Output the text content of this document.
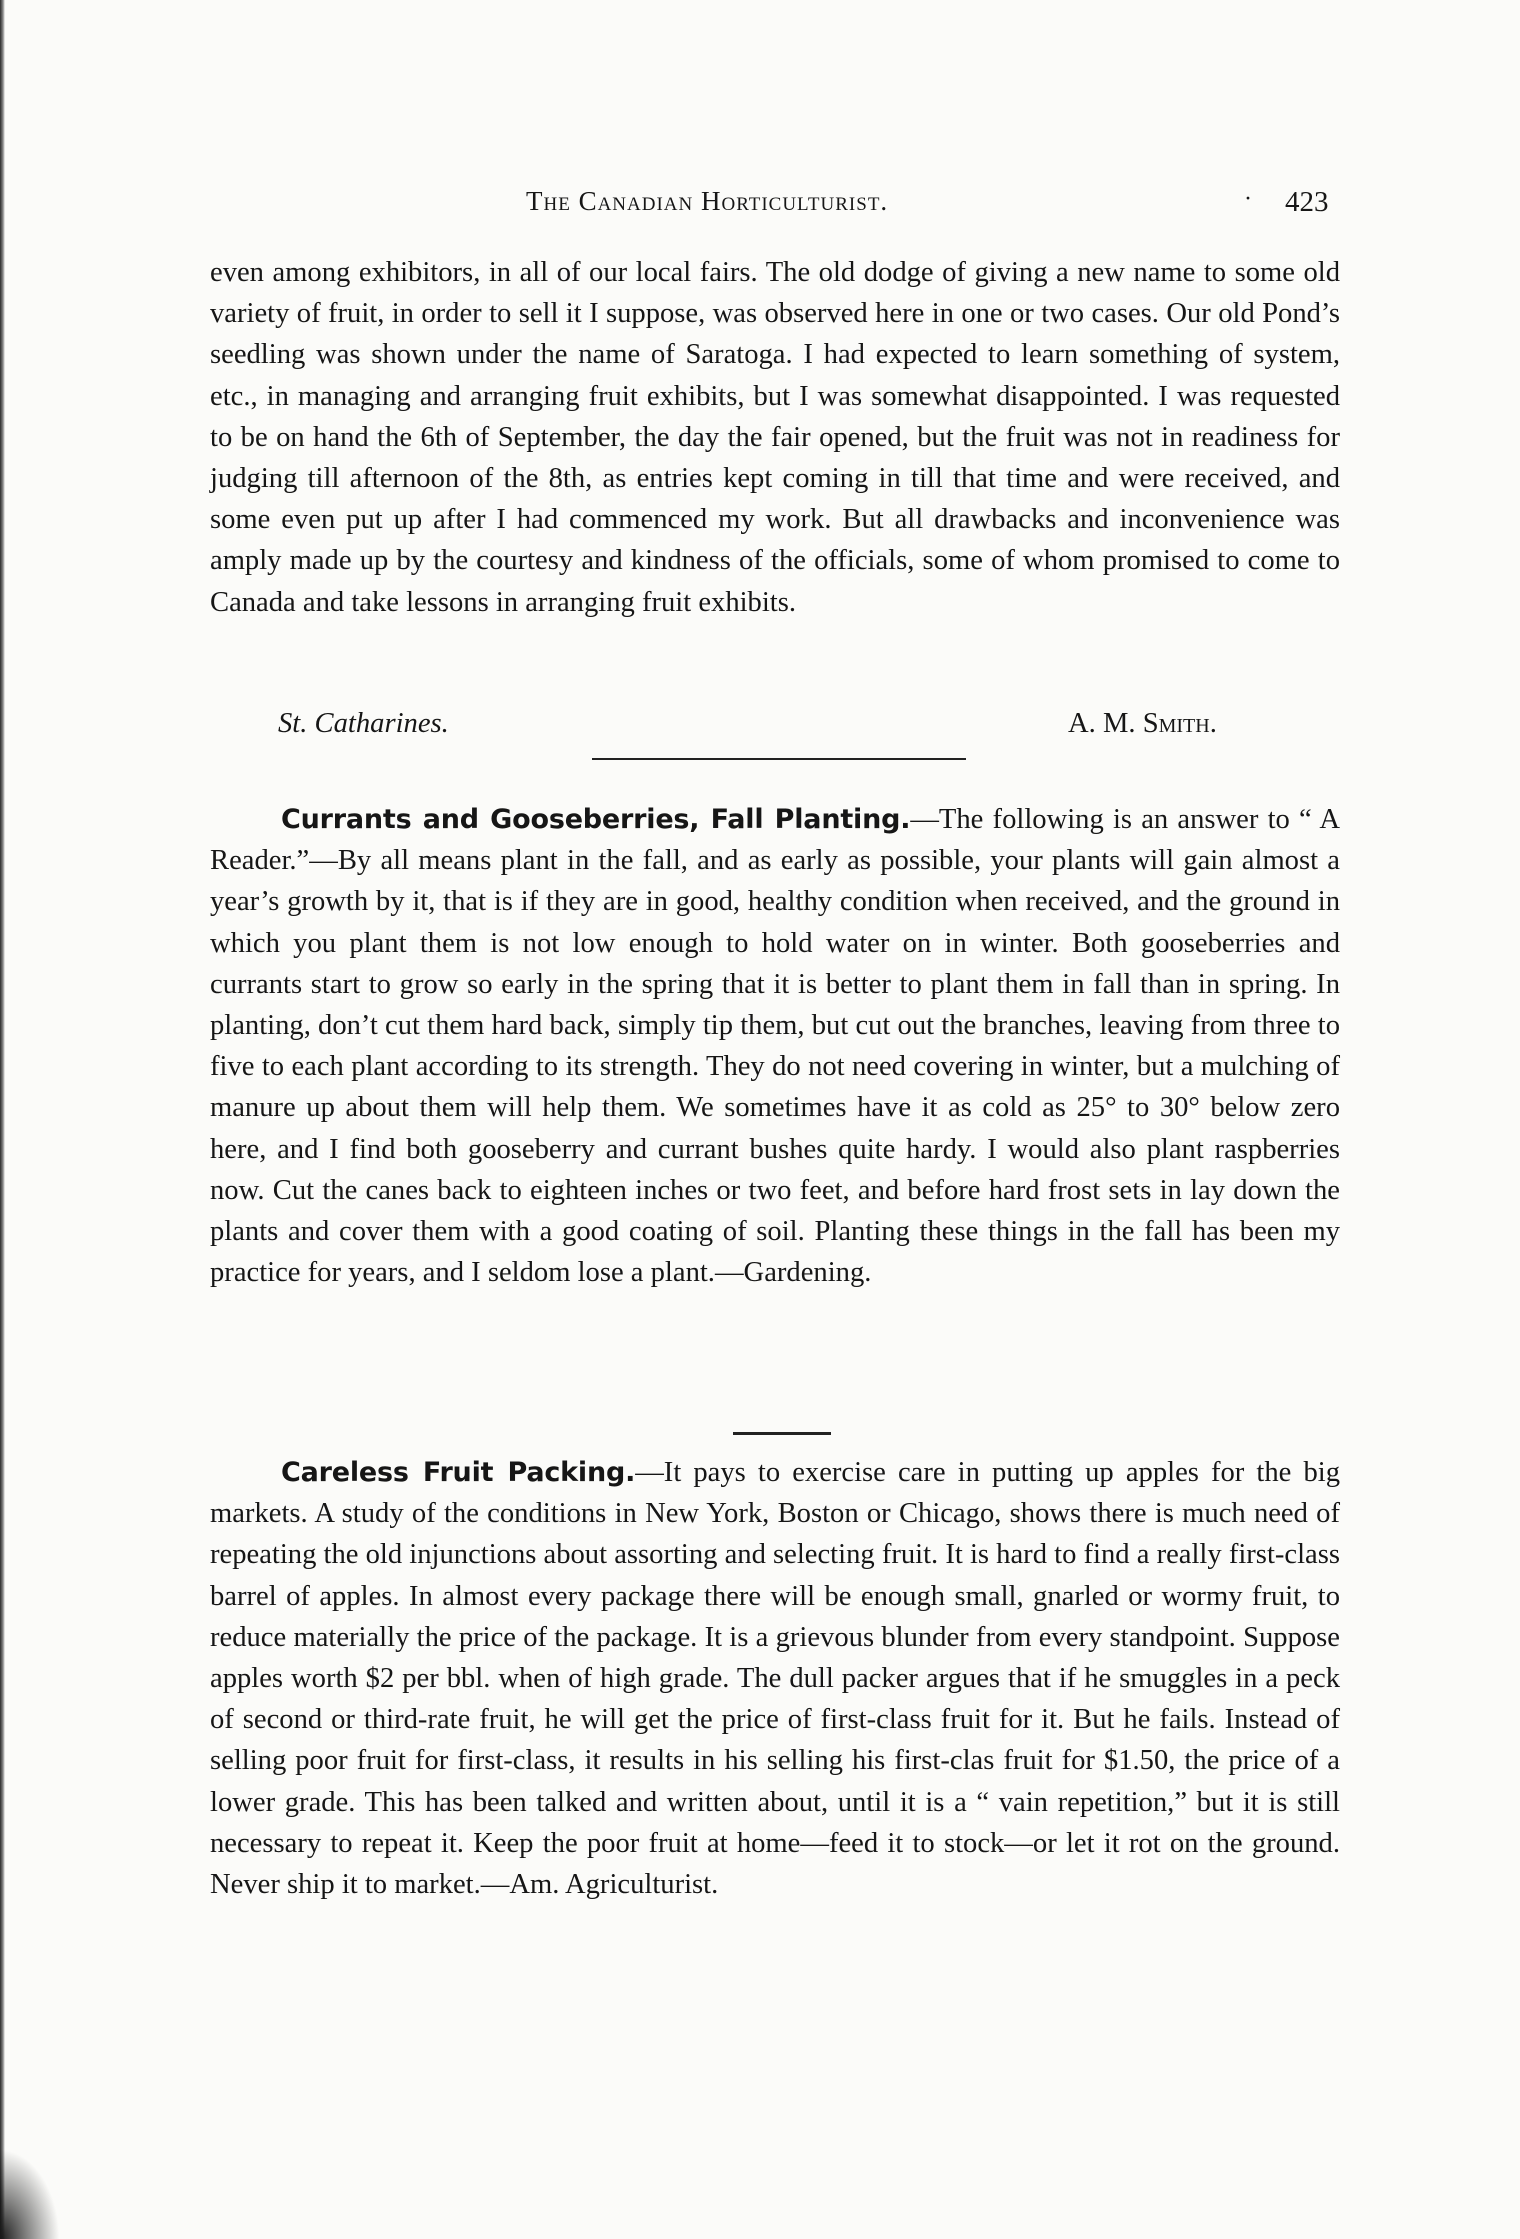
The Canadian Horticulturist.	· 423

even among exhibitors, in all of our local fairs. The old dodge of giving a new name to some old variety of fruit, in order to sell it I suppose, was observed here in one or two cases. Our old Pond’s seedling was shown under the name of Saratoga. I had expected to learn something of system, etc., in managing and arranging fruit exhibits, but I was somewhat disappointed. I was requested to be on hand the 6th of September, the day the fair opened, but the fruit was not in readiness for judging till afternoon of the 8th, as entries kept coming in till that time and were received, and some even put up after I had commenced my work. But all drawbacks and inconvenience was amply made up by the courtesy and kindness of the officials, some of whom promised to come to Canada and take lessons in arranging fruit exhibits.

St. Catharines.	A. M. Smith.

Currants and Gooseberries, Fall Planting.—The following is an answer to “ A Reader.”—By all means plant in the fall, and as early as possible, your plants will gain almost a year’s growth by it, that is if they are in good, healthy condition when received, and the ground in which you plant them is not low enough to hold water on in winter. Both gooseberries and currants start to grow so early in the spring that it is better to plant them in fall than in spring. In planting, don’t cut them hard back, simply tip them, but cut out the branches, leaving from three to five to each plant according to its strength. They do not need covering in winter, but a mulching of manure up about them will help them. We sometimes have it as cold as 25° to 30° below zero here, and I find both gooseberry and currant bushes quite hardy. I would also plant raspberries now. Cut the canes back to eighteen inches or two feet, and before hard frost sets in lay down the plants and cover them with a good coating of soil. Planting these things in the fall has been my practice for years, and I seldom lose a plant.—Gardening.

Careless Fruit Packing.—It pays to exercise care in putting up apples for the big markets. A study of the conditions in New York, Boston or Chicago, shows there is much need of repeating the old injunctions about assorting and selecting fruit. It is hard to find a really first-class barrel of apples. In almost every package there will be enough small, gnarled or wormy fruit, to reduce materially the price of the package. It is a grievous blunder from every standpoint. Suppose apples worth $2 per bbl. when of high grade. The dull packer argues that if he smuggles in a peck of second or third-rate fruit, he will get the price of first-class fruit for it. But he fails. Instead of selling poor fruit for first-class, it results in his selling his first-clas fruit for $1.50, the price of a lower grade. This has been talked and written about, until it is a “ vain repetition,” but it is still necessary to repeat it. Keep the poor fruit at home—feed it to stock—or let it rot on the ground. Never ship it to market.—Am. Agriculturist.
